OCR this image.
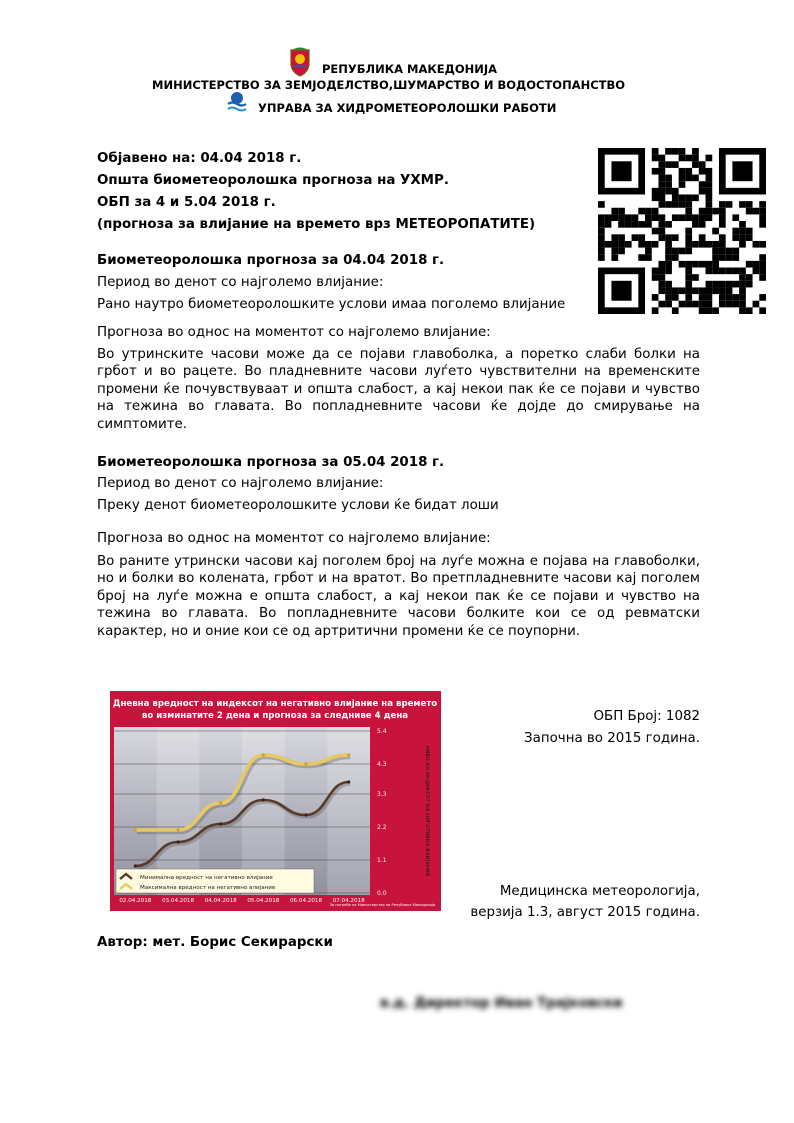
РЕПУБЛИКА МАКЕДОНИЈА
МИНИСТЕРСТВО ЗА ЗЕМЈОДЕЛСТВО,ШУМАРСТВО И ВОДОСТОПАНСТВО
УПРАВА ЗА ХИДРОМЕТЕОРОЛОШКИ РАБОТИ
Објавено на: 04.04 2018 г.
Општа биометеоролошка прогноза на УХМР.
ОБП за 4 и 5.04 2018 г.
(прогноза за влијание на времето врз МЕТЕОРОПАТИТЕ)
Биометеоролошка прогноза за 04.04 2018 г.
Период во денот со најголемо влијание:
Рано наутро биометеоролошките услови имаа поголемо влијание
Прогноза во однос на моментот со најголемо влијание:
Во утринските часови може да се појави главоболка, а поретко слаби болки на грбот и во рацете. Во пладневните часови луѓето чувствителни на временските промени ќе почувствуваат и општа слабост, а кај некои пак ќе се појави и чувство на тежина во главата. Во попладневните часови ќе дојде до смирување на симптомите.
Биометеоролошка прогноза за 05.04 2018 г.
Период во денот со најголемо влијание:
Преку денот биометеоролошките услови ќе бидат лоши
Прогноза во однос на моментот со најголемо влијание:
Во раните утрински часови кај поголем број на луѓе можна е појава на главоболки, но и болки во колената, грбот и на вратот. Во претпладневните часови кај поголем број на луѓе можна е општа слабост, а кај некои пак ќе се појави и чувство на тежина во главата. Во попладневните часови болките кои се од ревматски карактер, но и оние кои се од артритични промени ќе се поупорни.
Дневна вредност на индексот на негативно влијание на времето
во изминатите 2 дена и прогноза за следниве 4 дена
0.0
1.1
2.2
3.3
4.3
5.4
02.04.2018 03.04.2018 04.04.2018 05.04.2018 06.04.2018 07.04.2018
ниво на индексот на негативно влијание
Минимална вредност на негативно влијание
Максимална вредност на негативно влијание
За потреба на Министерство на Република Македонија
ОБП Број: 1082
Започна во 2015 година.
Медицинска метеорологија,
верзија 1.3, август 2015 година.
Автор: мет. Борис Секирарски
в.д. Директор Иван Трајковски
